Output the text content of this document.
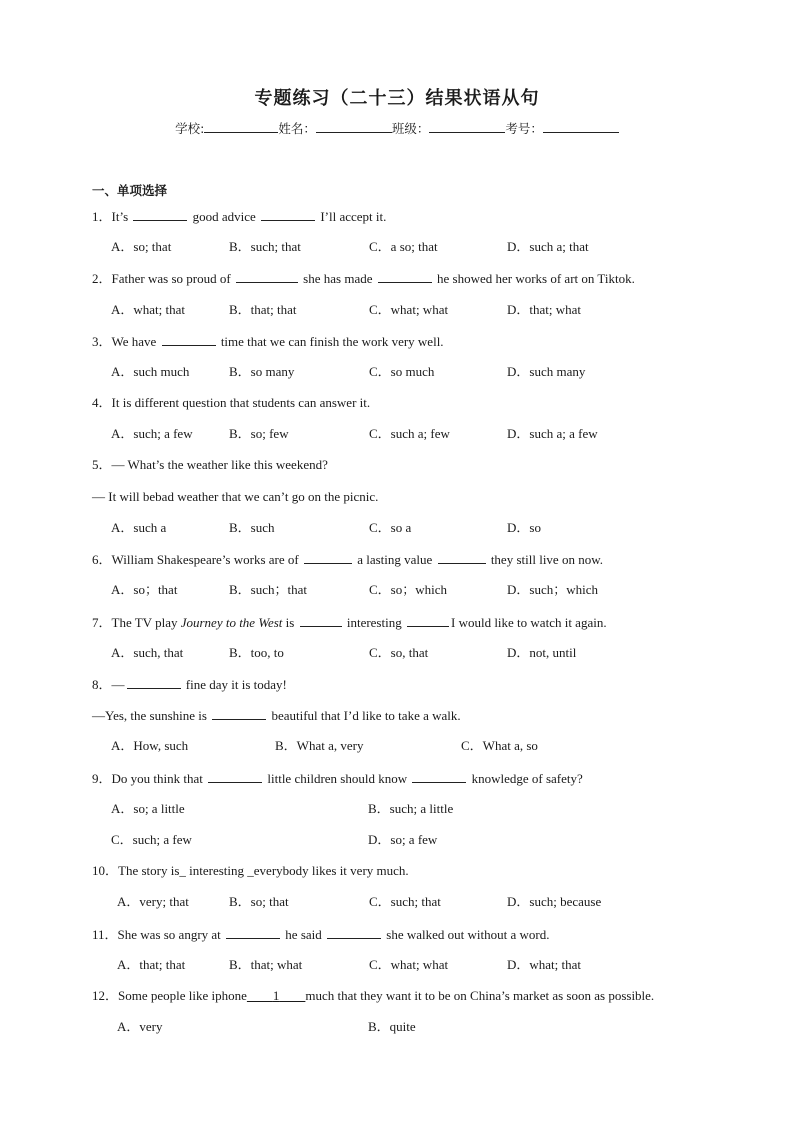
专题练习（二十三）结果状语从句
学校:	姓名：	班级：	考号：
一、单项选择
1．It’s	good advice	I’ll accept it.
A．so; that	B．such; that	C．a so; that	D．such a; that
2．Father was so proud of	she has made	he showed her works of art on Tiktok.
A．what; that	B．that; that	C．what; what	D．that; what
3．We have	time that we can finish the work very well.
A．such much	B．so many	C．so much	D．such many
4．It is different question that students can answer it.
A．such; a few	B．so; few	C．such a; few	D．such a; a few
5．— What’s the weather like this weekend?
— It will bebad weather that we can’t go on the picnic.
A．such a	B．such	C．so a	D．so
6．William Shakespeare’s works are of	a lasting value	they still live on now.
A．so；that	B．such；that	C．so；which	D．such；which
7．The TV play Journey to the West is	interesting	I would like to watch it again.
A．such, that	B．too, to	C．so, that	D．not, until
8．—	fine day it is today!
—Yes, the sunshine is	beautiful that I’d like to take a walk.
A．How, such	B．What a, very	C．What a, so
9．Do you think that	little children should know	knowledge of safety?
A．so; a little	B．such; a little
C．such; a few	D．so; a few
10．The story is_ interesting _everybody likes it very much.
A．very; that	B．so; that	C．such; that	D．such; because
11．She was so angry at	he said	she walked out without a word.
A．that; that	B．that; what	C．what; what	D．what; that
12．Some people like iphone 1 much that they want it to be on China’s market as soon as possible.
A．very	B．quite
